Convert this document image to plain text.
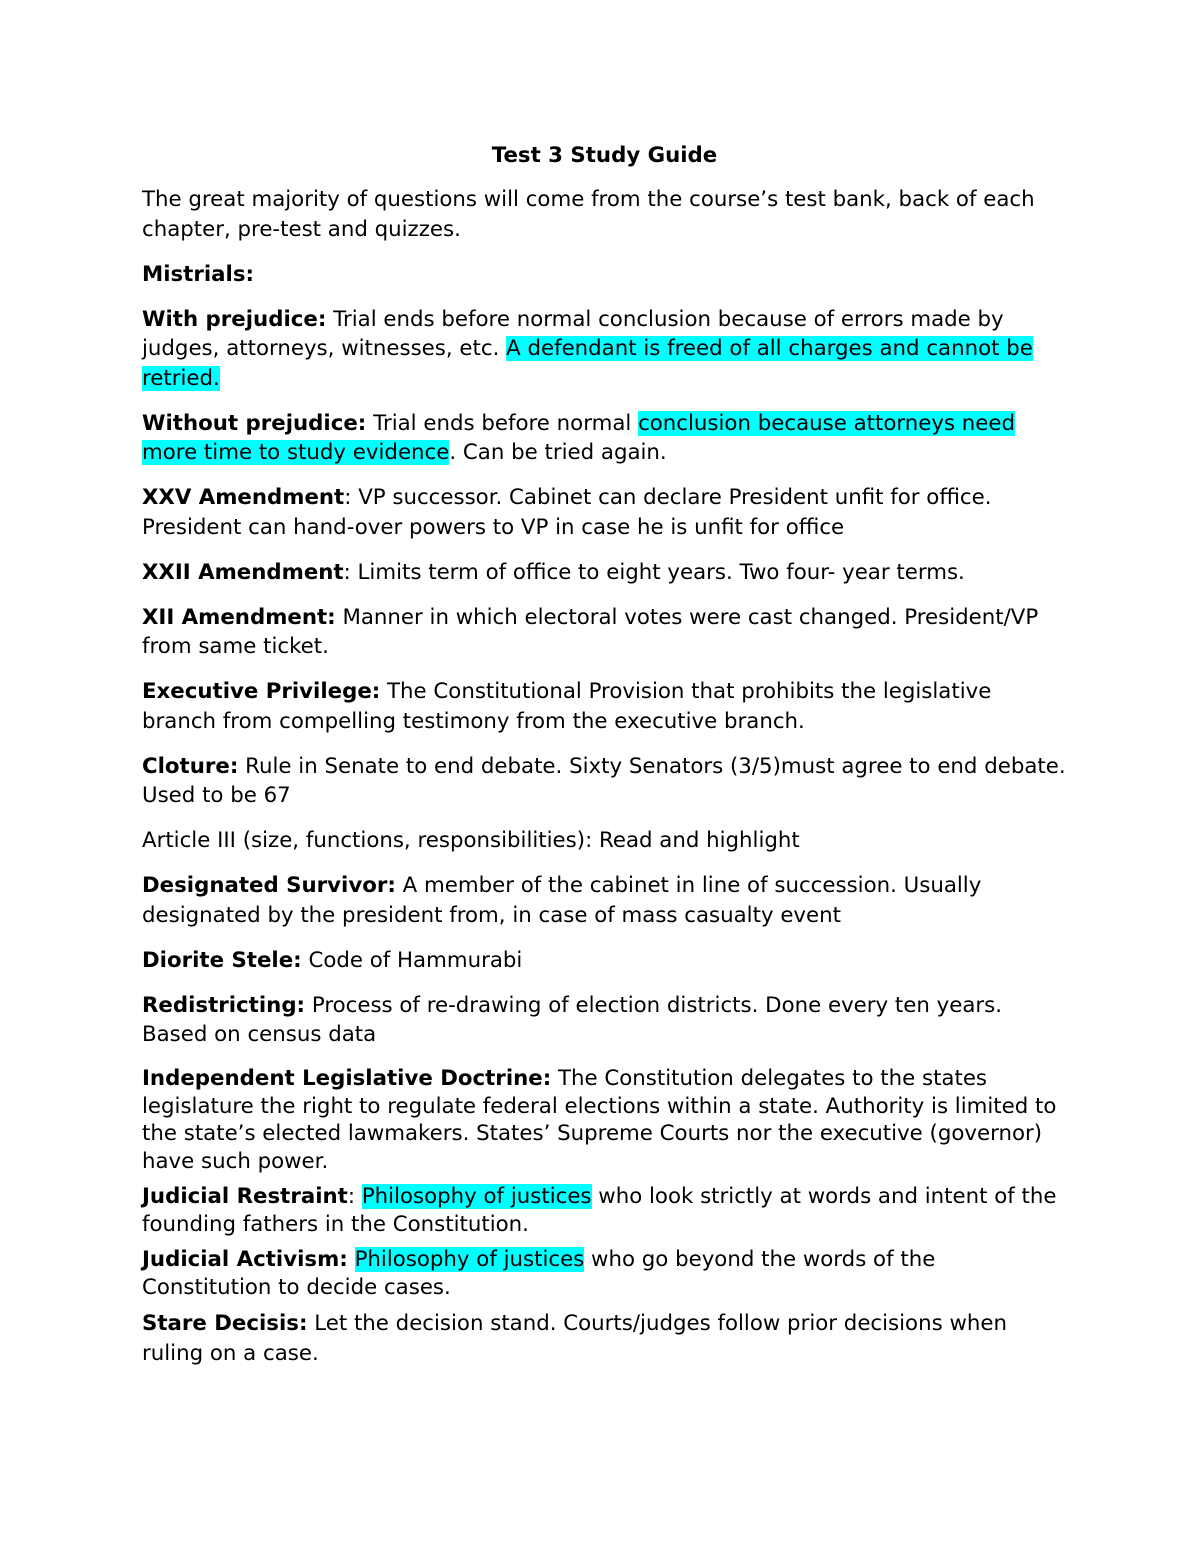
Test 3 Study Guide

The great majority of questions will come from the course’s test bank, back of each chapter, pre-test and quizzes.

Mistrials:

With prejudice: Trial ends before normal conclusion because of errors made by judges, attorneys, witnesses, etc. A defendant is freed of all charges and cannot be retried.

Without prejudice: Trial ends before normal conclusion because attorneys need more time to study evidence. Can be tried again.

XXV Amendment: VP successor. Cabinet can declare President unfit for office. President can hand-over powers to VP in case he is unfit for office

XXII Amendment: Limits term of office to eight years. Two four- year terms.

XII Amendment: Manner in which electoral votes were cast changed. President/VP from same ticket.

Executive Privilege: The Constitutional Provision that prohibits the legislative branch from compelling testimony from the executive branch.

Cloture: Rule in Senate to end debate. Sixty Senators (3/5)must agree to end debate. Used to be 67

Article III (size, functions, responsibilities): Read and highlight

Designated Survivor: A member of the cabinet in line of succession. Usually designated by the president from, in case of mass casualty event

Diorite Stele: Code of Hammurabi

Redistricting: Process of re-drawing of election districts. Done every ten years. Based on census data

Independent Legislative Doctrine: The Constitution delegates to the states legislature the right to regulate federal elections within a state. Authority is limited to the state’s elected lawmakers. States’ Supreme Courts nor the executive (governor) have such power.

Judicial Restraint: Philosophy of justices who look strictly at words and intent of the founding fathers in the Constitution.

Judicial Activism: Philosophy of justices who go beyond the words of the Constitution to decide cases.

Stare Decisis: Let the decision stand. Courts/judges follow prior decisions when ruling on a case.
